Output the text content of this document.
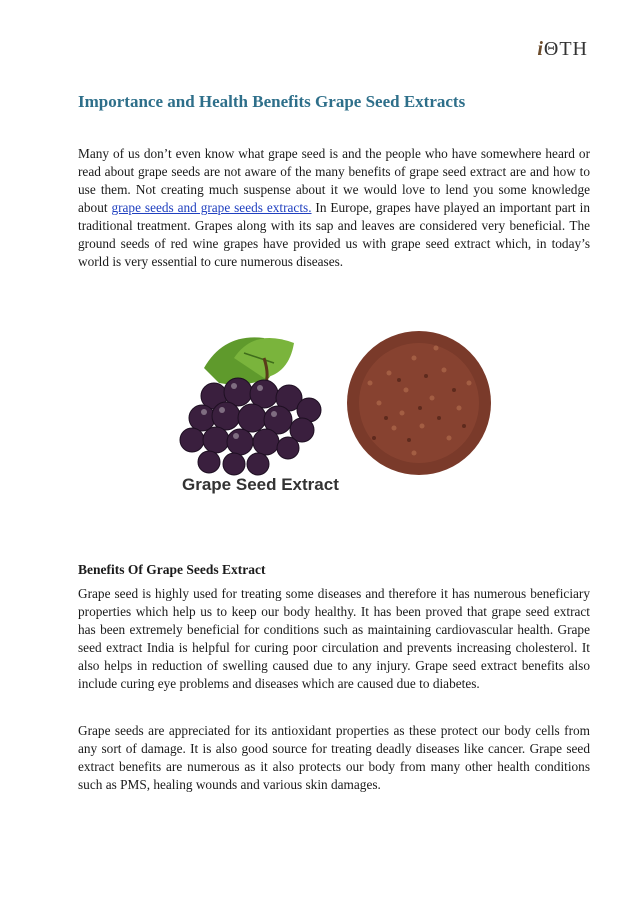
iΘTH
Importance and Health Benefits Grape Seed Extracts

Many of us don’t even know what grape seed is and the people who have somewhere heard or read about grape seeds are not aware of the many benefits of grape seed extract are and how to use them. Not creating much suspense about it we would love to lend you some knowledge about grape seeds and grape seeds extracts. In Europe, grapes have played an important part in traditional treatment. Grapes along with its sap and leaves are considered very beneficial. The ground seeds of red wine grapes have provided us with grape seed extract which, in today’s world is very essential to cure numerous diseases.

Grape Seed Extract
Benefits Of Grape Seeds Extract

Grape seed is highly used for treating some diseases and therefore it has numerous beneficiary properties which help us to keep our body healthy. It has been proved that grape seed extract has been extremely beneficial for conditions such as maintaining cardiovascular health. Grape seed extract India is helpful for curing poor circulation and prevents increasing cholesterol. It also helps in reduction of swelling caused due to any injury. Grape seed extract benefits also include curing eye problems and diseases which are caused due to diabetes.

Grape seeds are appreciated for its antioxidant properties as these protect our body cells from any sort of damage. It is also good source for treating deadly diseases like cancer. Grape seed extract benefits are numerous as it also protects our body from many other health conditions such as PMS, healing wounds and various skin damages.
